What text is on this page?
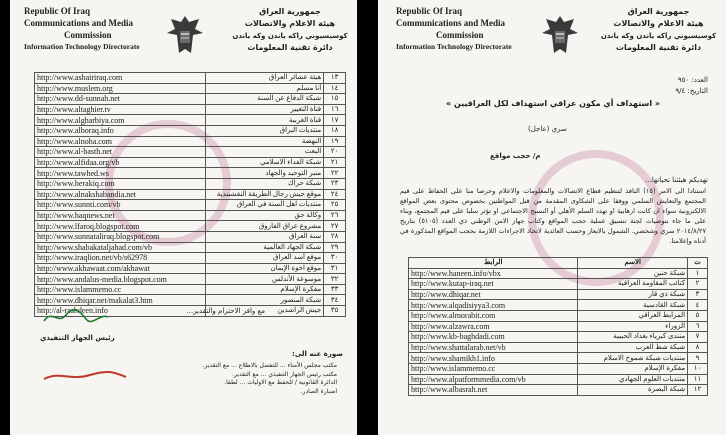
Republic Of Iraq
Communications and Media
Commission
Information Technology Directorate
جمهورية العراق
هيئة الاعلام والاتصالات
كوسيسيوني راكه ياندن وكه ياندن
دائرة تقنية المعلومات
http://www.ashairiraq.com	هيئة عشائر العراق	١٣
http://www.muslem.org	أنا مسلم	١٤
http://www.dd-sunnah.net	شبكة الدفاع عن السنة	١٥
http://www.altaghier.tv	قناة التغيير	١٦
http://www.algharbiya.com	قناة الغربية	١٧
http://www.alboraq.info	منتديات البراق	١٨
http://www.alnoha.com	النهضة	١٩
http://www.al-basth.net	البعث	٢٠
http://www.alfidaa.org/vb	شبكة الفداء الاسلامي	٢١
http://www.tawhed.ws	منبر التوحيد والجهاد	٢٢
http://www.herakiq.com	شبكة حراك	٢٣
http://www.alnakshabandia.net	موقع جيش رجال الطريقة النقشبندية	٢٤
http://www.sunnti.com/vb	منتديات اهل السنة في العراق	٢٥
http://www.haqnews.net	وكالة حق	٢٦
http://www.lfaroq.blogspot.com	مشروع عراق الفاروق	٢٧
http://www.sunnataliraq.blogspot.com	سنة العراق	٢٨
http://www.shabakataljahad.com/vb	شبكة الجهاد العالمية	٢٩
http://www.iraqlion.net/vb/s62978	موقع أسد العراق	٣٠
http://www.akhawaat.com/akhawat	موقع اخوة الإيمان	٣١
http://www.andalus-media.blogspot.com	موسوعة الأندلس	٣٢
http://www.islammemo.cc	مفكرة الإسلام	٣٣
http://www.dhiqar.net/makalat3.htm	شبكة المنصور	٣٤
http://al-rashdeen.info	جيش الراشدين	٣٥
مع وافر الاحترام والتقدير...
رئيس الجهاز التنفيذي
صورة عنه الى:
مكتب مجلس الأمناء ... للتفضل بالاطلاع ... مع التقدير.
مكتب رئيس الجهاز التنفيذي ... مع التقدير.
الدائرة القانونية / للحفظ مع الاوليات ... لطفا.
اضبارة الصادر.
Republic Of Iraq
Communications and Media
Commission
Information Technology Directorate
جمهورية العراق
هيئة الاعلام والاتصالات
كوسيسيوني راكه ياندن وكه ياندن
دائرة تقنية المعلومات
العدد: ٩٥٠
التاريخ: ٩/٤
« استهداف أي مكون عراقي استهداف لكل العراقيين »
سري (عاجل)
م/ حجب مواقع
تهديكم هيئتنا تحياتها...
استنادا الى الامر (١٥) النافذ لتنظيم قطاع الاتصالات والمعلومات والاعلام وحرصا منا على الحفاظ على قيم المجتمع والتعايش السلمي ووفقا على الشكاوى المقدمة من قبل المواطنين بخصوص محتوى بعض المواقع الالكترونية سواء ان كانت ارهابية او تهدد السلم الأهلي أو النسيج الاجتماعي او تؤثر سلبا على قيم المجتمع، وبناء على ما جاء بتوصيات لجنة تنسيق عملية حجب المواقع وكتاب جهاز الامن الوطني ذي العدد (٥١٠٥) بتاريخ ٢٠١٤/٨/٢٧ سري وشخصي. الشمول بالايعاز وحسب العائدية لاتخاذ الاجراءات اللازمة بحجب المواقع المذكورة في أدناه وإعلامنا.
الرابط	الاسم	ت
http://www.haneen.info/vbx	شبكة حنين	١
http://www.kutap-iraq.net	كتائب المقاومة العراقية	٢
http://www.dhiqar.net	شبكة ذي قار	٣
http://www.alqadisiyya3.com	شبكة القادسية	٤
http://www.almorabit.com	المرابط العراقي	٥
http://www.alzawra.com	الزوراء	٦
http://www.kb-baghdadi.com	منتدى كبرياء بغداد الحبيبة	٧
http://www.shattalarab.net/vb	شبكة شط العرب	٨
http://www.shamikh1.info	منتديات شبكة شموخ الاسلام	٩
http://www.islammemo.cc	مفكرة الإسلام	١٠
http://www.alpatformmedia.com/vb	منتديات العلوم الجهادي	١١
http://www.albasrah.net	شبكة البصرة	١٢
